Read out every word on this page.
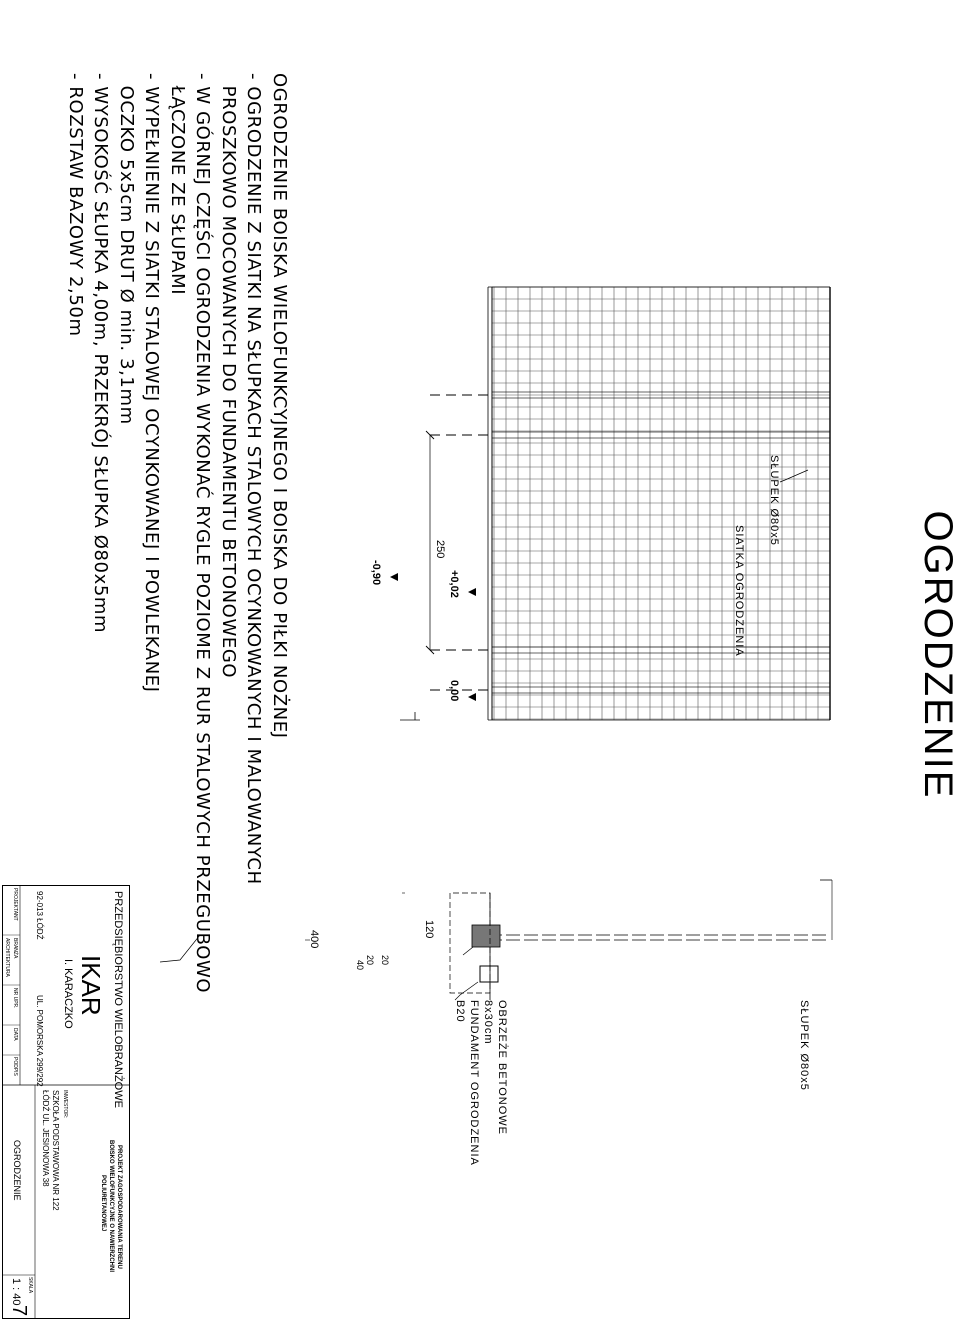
OGRODZENIE
SŁUPEK Ø80x5
SIATKA OGRODZENIA
250
+0,02
0,00
-0,90
SŁUPEK Ø80x5
OBRZEŻE BETONOWE
8x30cm
FUNDAMENT OGRODZENIA
B20
400
120
20 20
40
OGRODZENIE BOISKA WIELOFUNKCYJNEGO I BOISKA DO PIŁKI NOŻNEJ
- OGRODZENIE Z SIATKI NA SŁUPKACH STALOWYCH OCYNKOWANYCH I MALOWANYCH
PROSZKOWO MOCOWANYCH DO FUNDAMENTU BETONOWEGO
- W GÓRNEJ CZĘŚCI OGRODZENIA WYKONAĆ RYGLE POZIOME Z RUR STALOWYCH PRZEGUBOWO
ŁĄCZONE ZE SŁUPAMI
- WYPEŁNIENIE Z SIATKI STALOWEJ OCYNKOWANEJ I POWLEKANEJ
OCZKO 5x5cm DRUT Ø min. 3,1mm
- WYSOKOŚĆ SŁUPKA 4,00m, PRZEKRÓJ SŁUPKA Ø80x5mm
- ROZSTAW BAZOWY 2,50m
PRZEDSIĘBIORSTWO WIELOBRANŻOWE
IKAR
I. KARACZKO
92-013 ŁÓDŹ
UL. POMORSKA 299/292
PROJEKT ZAGOSPODAROWANIA TERENU
BOISKO WIELOFUNKCYJNE O NAWIERZCHNI
POLIURETANOWEJ
INWESTOR:
SZKOŁA PODSTAWOWA NR 122
ŁÓDŹ UL. JESIONOWA 38
PROJEKTANT
BRANŻA
ARCHITEKTURA
NR UPR.
DATA
PODPIS
OGRODZENIE
SKALA
1 : 40
7
